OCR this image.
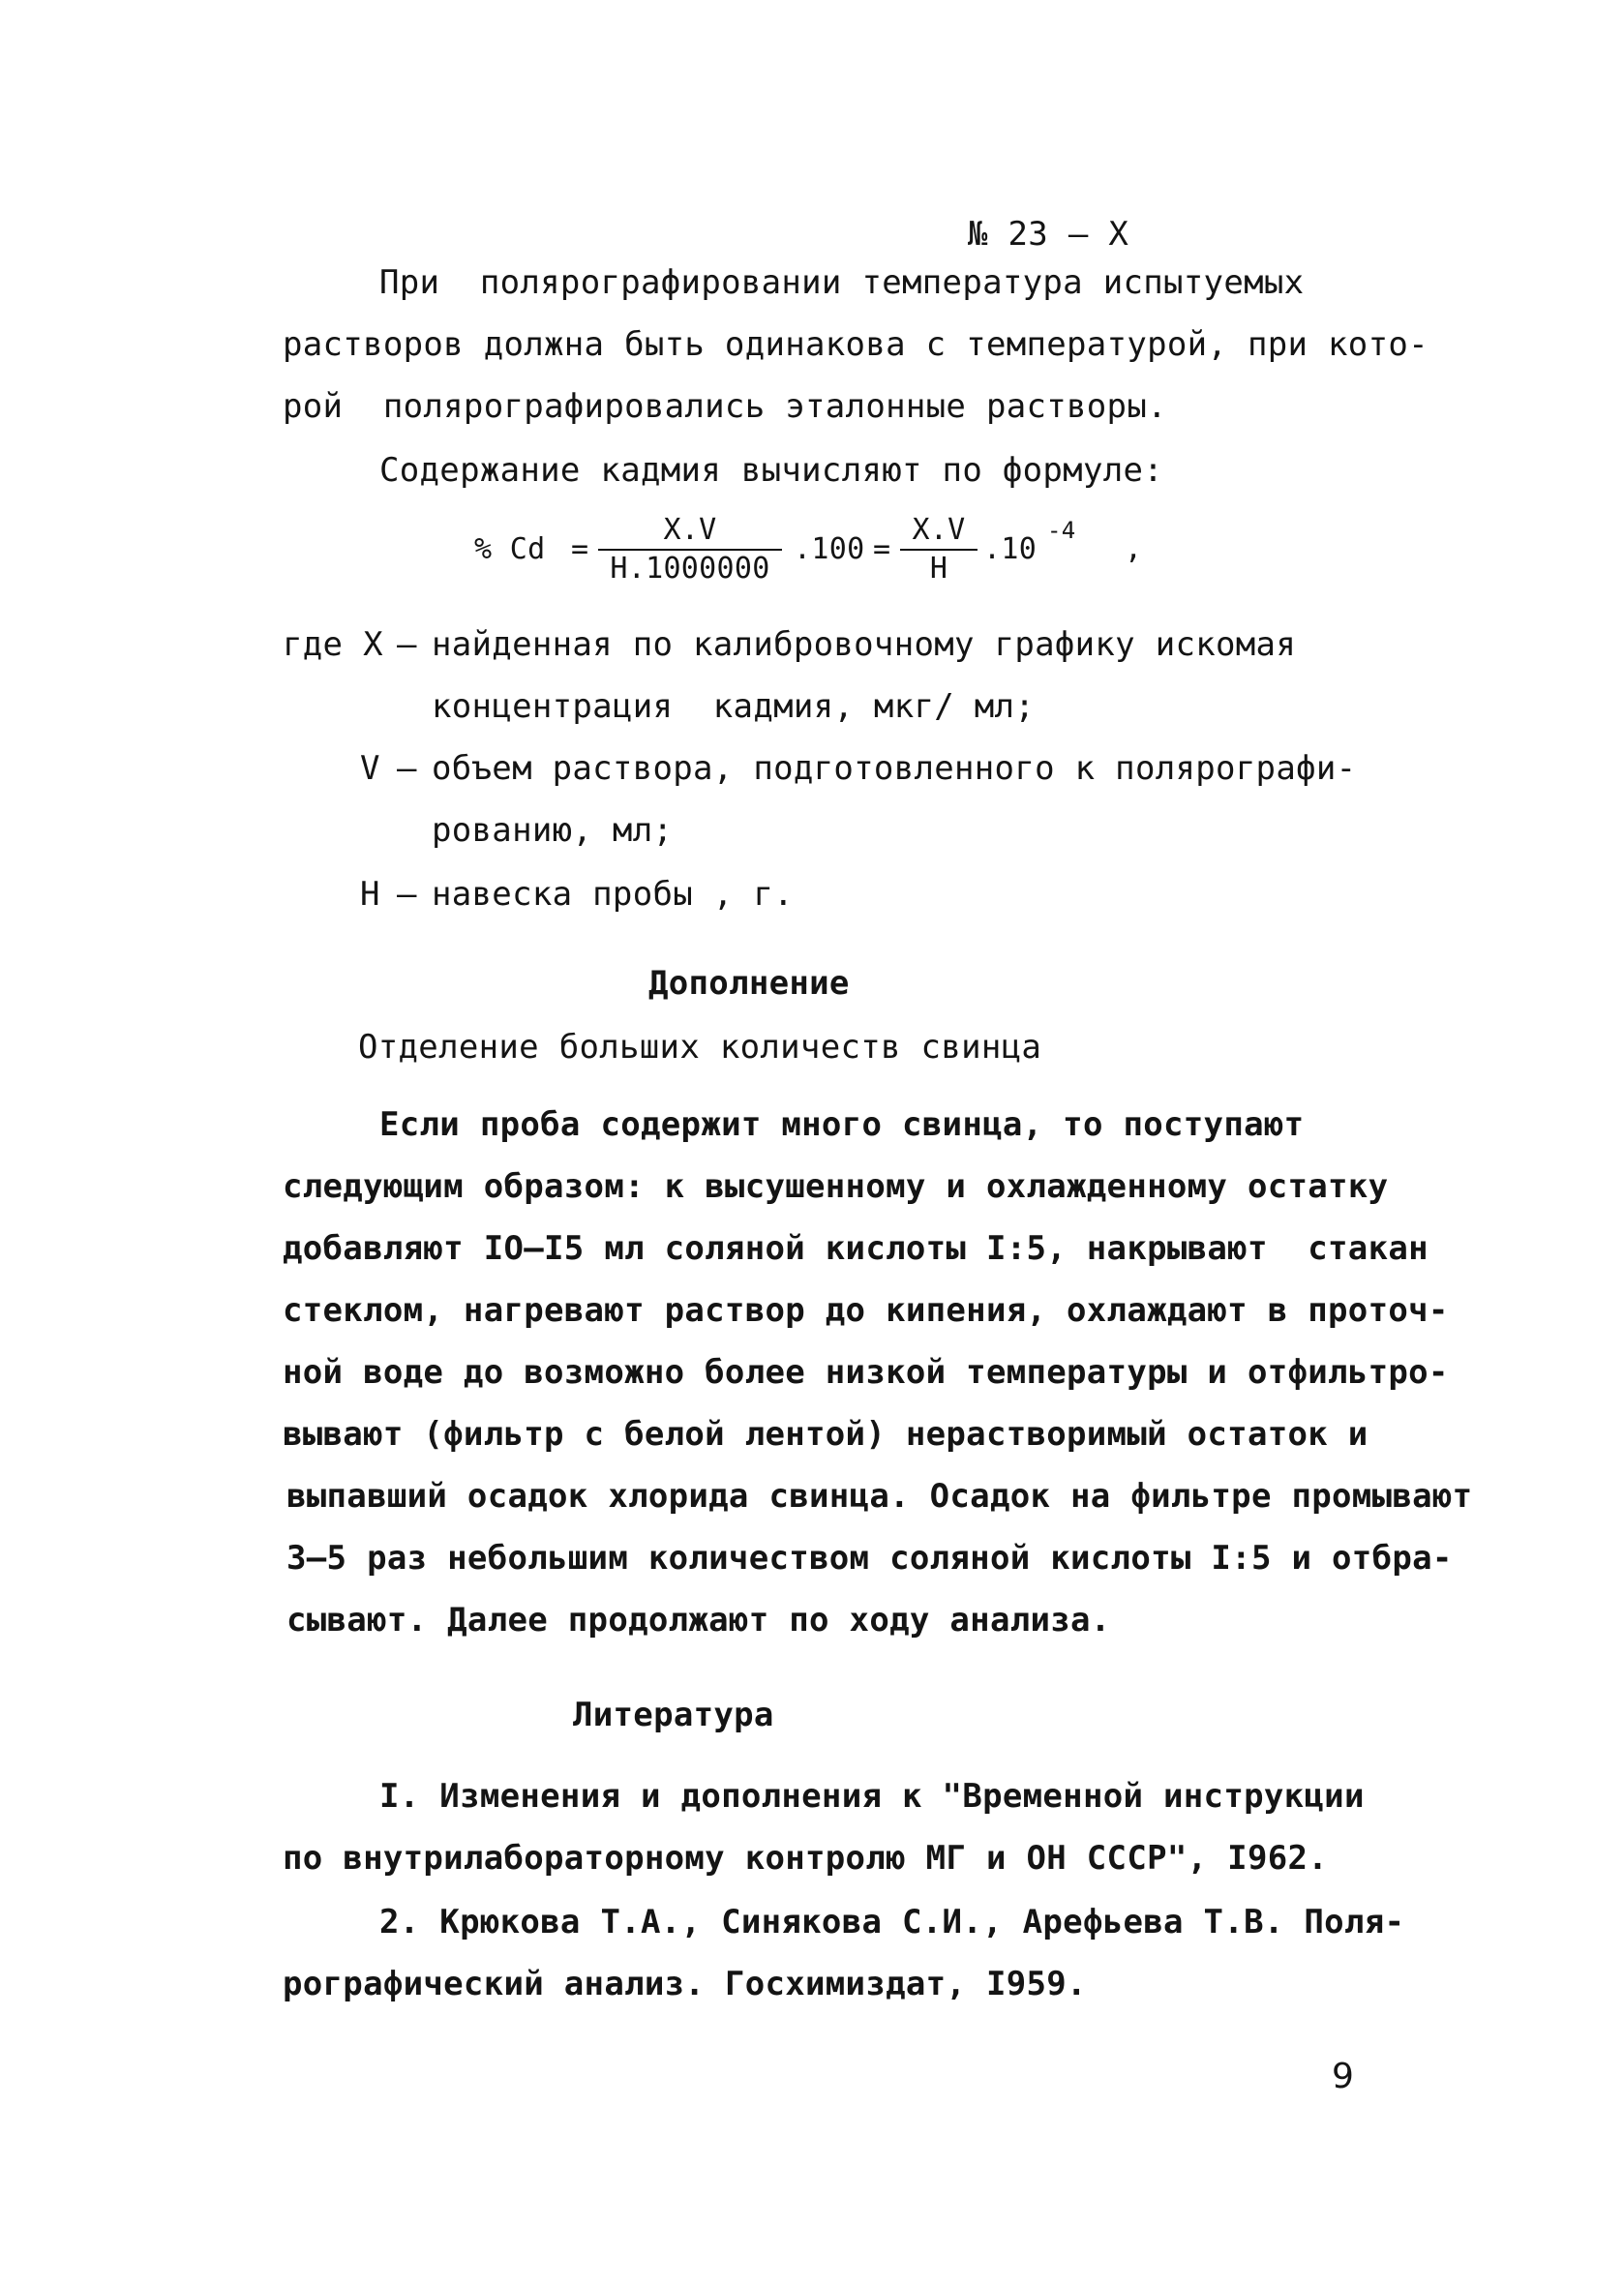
№ 23 – Х
При  полярографировании температура испытуемых
растворов должна быть одинакова с температурой, при кото-
рой  полярографировались эталонные растворы.
Содержание кадмия вычисляют по формуле:
% Cd =
X.V
Н.1000000
.100 =
X.V
Н
.10
-4
,
где Х – найденная по калибровочному графику искомая
концентрация  кадмия, мкг/ мл;
V – объем раствора, подготовленного к полярографи-
рованию, мл;
Н – навеска пробы , г.
Дополнение
Отделение больших количеств свинца
Если проба содержит много свинца, то поступают
следующим образом: к высушенному и охлажденному остатку
добавляют IO–I5 мл соляной кислоты I:5, накрывают  стакан
стеклом, нагревают раствор до кипения, охлаждают в проточ-
ной воде до возможно более низкой температуры и отфильтро-
вывают (фильтр с белой лентой) нерастворимый остаток и
выпавший осадок хлорида свинца. Осадок на фильтре промывают
3–5 раз небольшим количеством соляной кислоты I:5 и отбра-
сывают. Далее продолжают по ходу анализа.
Литература
I. Изменения и дополнения к "Временной инструкции
по внутрилабораторному контролю МГ и ОН СССР", I962.
2. Крюкова Т.А., Синякова С.И., Арефьева Т.В. Поля-
рографический анализ. Госхимиздат, I959.
9
